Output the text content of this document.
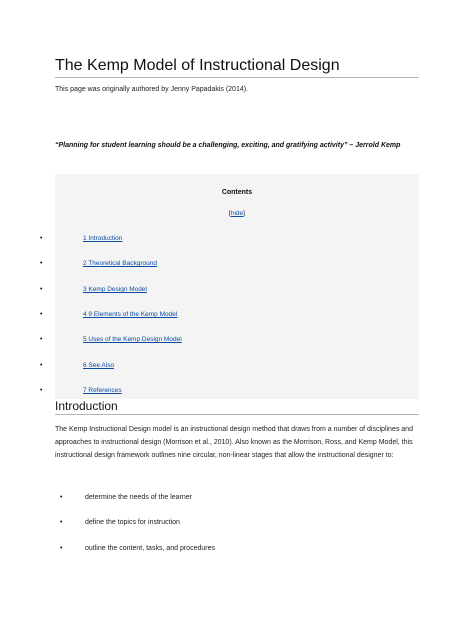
The Kemp Model of Instructional Design
This page was originally authored by Jenny Papadakis (2014).
“Planning for student learning should be a challenging, exciting, and gratifying activity” – Jerrold Kemp
Contents
[hide]
•	1 Introduction
•	2 Theoretical Background
•	3 Kemp Design Model
•	4 9 Elements of the Kemp Model
•	5 Uses of the Kemp Design Model
•	6 See Also
•	7 References
Introduction
The Kemp Instructional Design model is an instructional design method that draws from a number of disciplines and approaches to instructional design (Morrison et al., 2010). Also known as the Morrison, Ross, and Kemp Model, this instructional design framework outlines nine circular, non-linear stages that allow the instructional designer to:
•	determine the needs of the learner
•	define the topics for instruction
•	outline the content, tasks, and procedures
